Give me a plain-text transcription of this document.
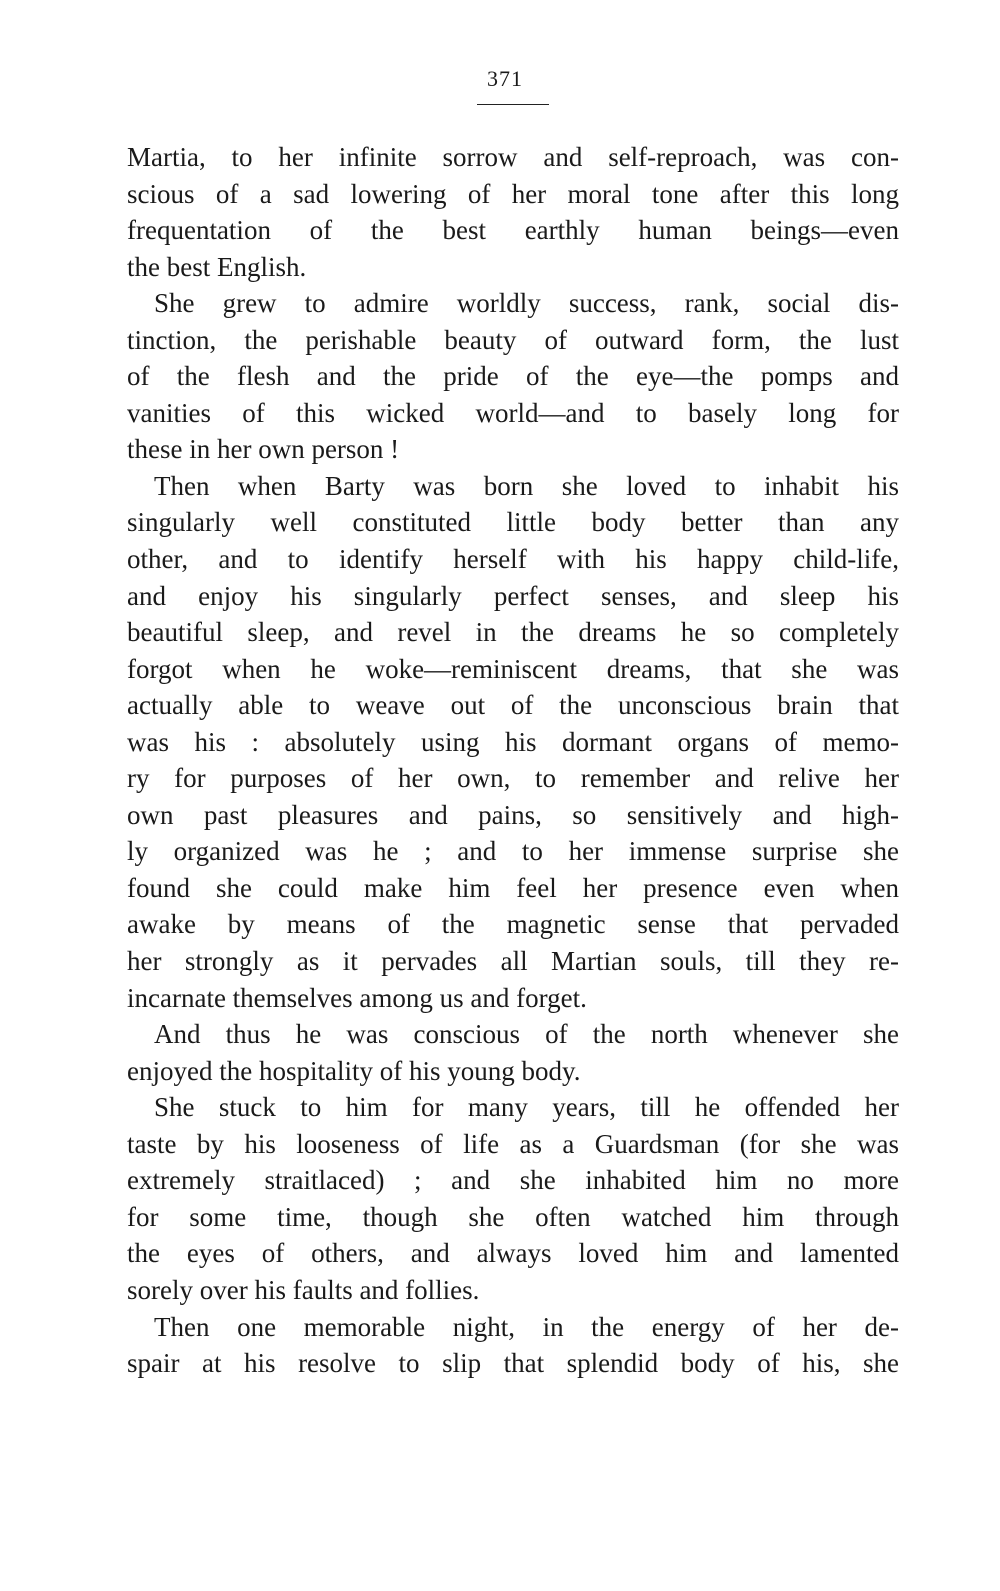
371
Martia, to her infinite sorrow and self-reproach, was con-
scious of a sad lowering of her moral tone after this long
frequentation of the best earthly human beings—even
the best English.
She grew to admire worldly success, rank, social dis-
tinction, the perishable beauty of outward form, the lust
of the flesh and the pride of the eye—the pomps and
vanities of this wicked world—and to basely long for
these in her own person !
Then when Barty was born she loved to inhabit his
singularly well constituted little body better than any
other, and to identify herself with his happy child-life,
and enjoy his singularly perfect senses, and sleep his
beautiful sleep, and revel in the dreams he so completely
forgot when he woke—reminiscent dreams, that she was
actually able to weave out of the unconscious brain that
was his : absolutely using his dormant organs of memo-
ry for purposes of her own, to remember and relive her
own past pleasures and pains, so sensitively and high-
ly organized was he ; and to her immense surprise she
found she could make him feel her presence even when
awake by means of the magnetic sense that pervaded
her strongly as it pervades all Martian souls, till they re-
incarnate themselves among us and forget.
And thus he was conscious of the north whenever she
enjoyed the hospitality of his young body.
She stuck to him for many years, till he offended her
taste by his looseness of life as a Guardsman (for she was
extremely straitlaced) ; and she inhabited him no more
for some time, though she often watched him through
the eyes of others, and always loved him and lamented
sorely over his faults and follies.
Then one memorable night, in the energy of her de-
spair at his resolve to slip that splendid body of his, she
